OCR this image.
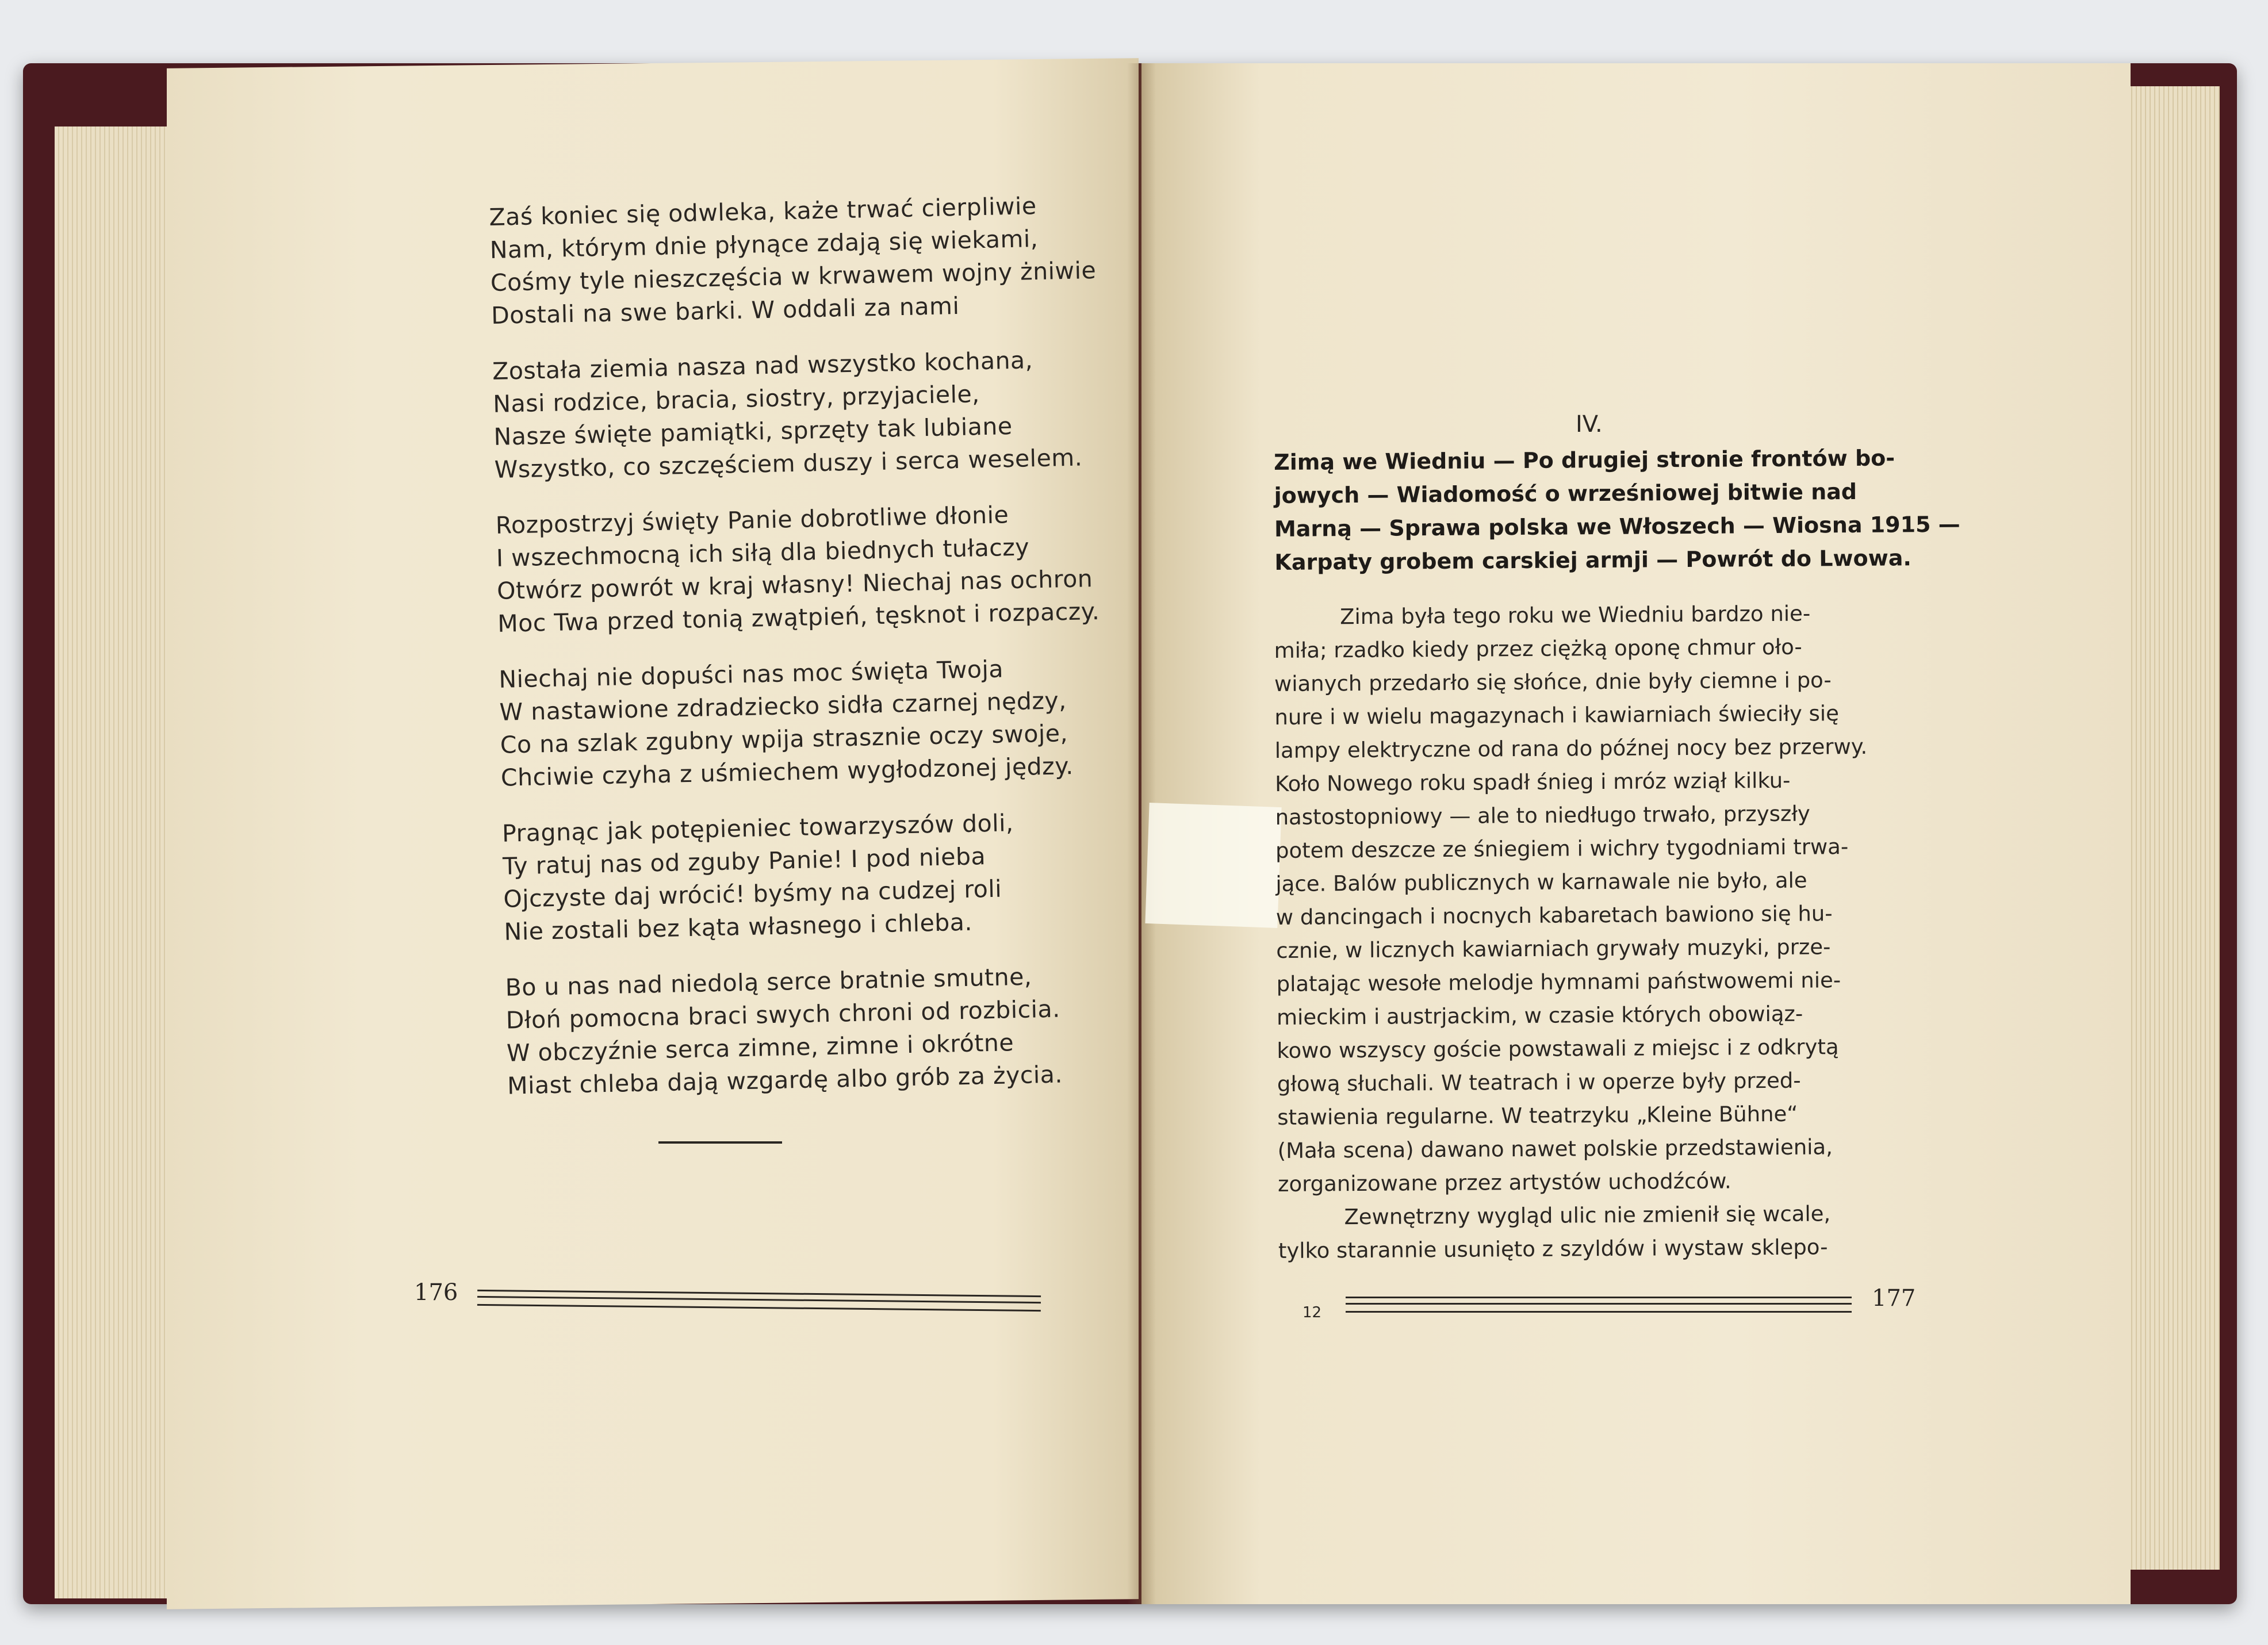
Zaś koniec się odwleka, każe trwać cierpliwie
Nam, którym dnie płynące zdają się wiekami,
Cośmy tyle nieszczęścia w krwawem wojny żniwie
Dostali na swe barki. W oddali za nami
Została ziemia nasza nad wszystko kochana,
Nasi rodzice, bracia, siostry, przyjaciele,
Nasze święte pamiątki, sprzęty tak lubiane
Wszystko, co szczęściem duszy i serca weselem.
Rozpostrzyj święty Panie dobrotliwe dłonie
I wszechmocną ich siłą dla biednych tułaczy
Otwórz powrót w kraj własny! Niechaj nas ochron
Moc Twa przed tonią zwątpień, tęsknot i rozpaczy.
Niechaj nie dopuści nas moc święta Twoja
W nastawione zdradziecko sidła czarnej nędzy,
Co na szlak zgubny wpija strasznie oczy swoje,
Chciwie czyha z uśmiechem wygłodzonej jędzy.
Pragnąc jak potępieniec towarzyszów doli,
Ty ratuj nas od zguby Panie! I pod nieba
Ojczyste daj wrócić! byśmy na cudzej roli
Nie zostali bez kąta własnego i chleba.
Bo u nas nad niedolą serce bratnie smutne,
Dłoń pomocna braci swych chroni od rozbicia.
W obczyźnie serca zimne, zimne i okrótne
Miast chleba dają wzgardę albo grób za życia.
176
IV.
Zimą we Wiedniu — Po drugiej stronie frontów bo-
jowych — Wiadomość o wrześniowej bitwie nad
Marną — Sprawa polska we Włoszech — Wiosna 1915 —
Karpaty grobem carskiej armji — Powrót do Lwowa.
Zima była tego roku we Wiedniu bardzo nie-
miła; rzadko kiedy przez ciężką oponę chmur oło-
wianych przedarło się słońce, dnie były ciemne i po-
nure i w wielu magazynach i kawiarniach świeciły się
lampy elektryczne od rana do późnej nocy bez przerwy.
Koło Nowego roku spadł śnieg i mróz wziął kilku-
nastostopniowy — ale to niedługo trwało, przyszły
potem deszcze ze śniegiem i wichry tygodniami trwa-
jące. Balów publicznych w karnawale nie było, ale
w dancingach i nocnych kabaretach bawiono się hu-
cznie, w licznych kawiarniach grywały muzyki, prze-
platając wesołe melodje hymnami państwowemi nie-
mieckim i austrjackim, w czasie których obowiąz-
kowo wszyscy goście powstawali z miejsc i z odkrytą
głową słuchali. W teatrach i w operze były przed-
stawienia regularne. W teatrzyku „Kleine Bühne“
(Mała scena) dawano nawet polskie przedstawienia,
zorganizowane przez artystów uchodźców.
Zewnętrzny wygląd ulic nie zmienił się wcale,
tylko starannie usunięto z szyldów i wystaw sklepo-
12
177
